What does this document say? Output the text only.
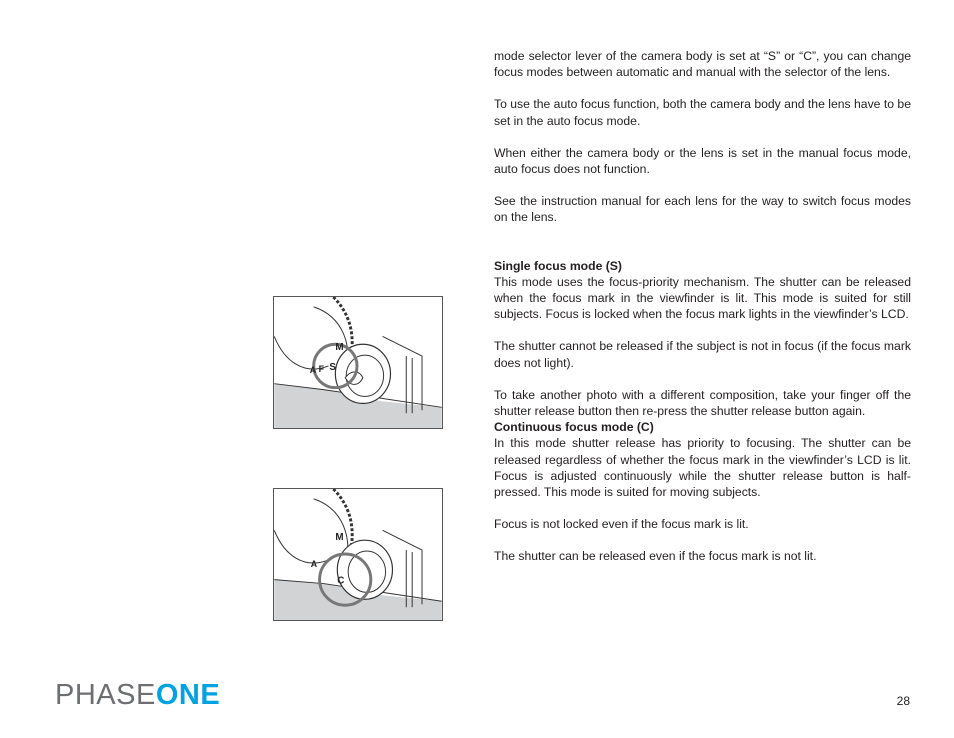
mode selector lever of the camera body is set at “S” or “C”, you can change focus modes between automatic and manual with the selector of the lens.

To use the auto focus function, both the camera body and the lens have to be set in the auto focus mode.

When either the camera body or the lens is set in the manual focus mode, auto focus does not function.

See the instruction manual for each lens for the way to switch focus modes on the lens.

Single focus mode (S)

This mode uses the focus-priority mechanism. The shutter can be released when the focus mark in the viewfinder is lit. This mode is suited for still subjects. Focus is locked when the focus mark lights in the viewfinder’s LCD.

The shutter cannot be released if the subject is not in focus (if the focus mark does not light).

To take another photo with a different composition, take your finger off the shutter release button then re-press the shutter release button again.

Continuous focus mode (C)

In this mode shutter release has priority to focusing. The shutter can be released regardless of whether the focus mark in the viewfinder’s LCD is lit. Focus is adjusted continuously while the shutter release button is half-pressed. This mode is suited for moving subjects.

Focus is not locked even if the focus mark is lit.

The shutter can be released even if the focus mark is not lit.

M
S
A F
M
C
A
PHASE ONE	28
